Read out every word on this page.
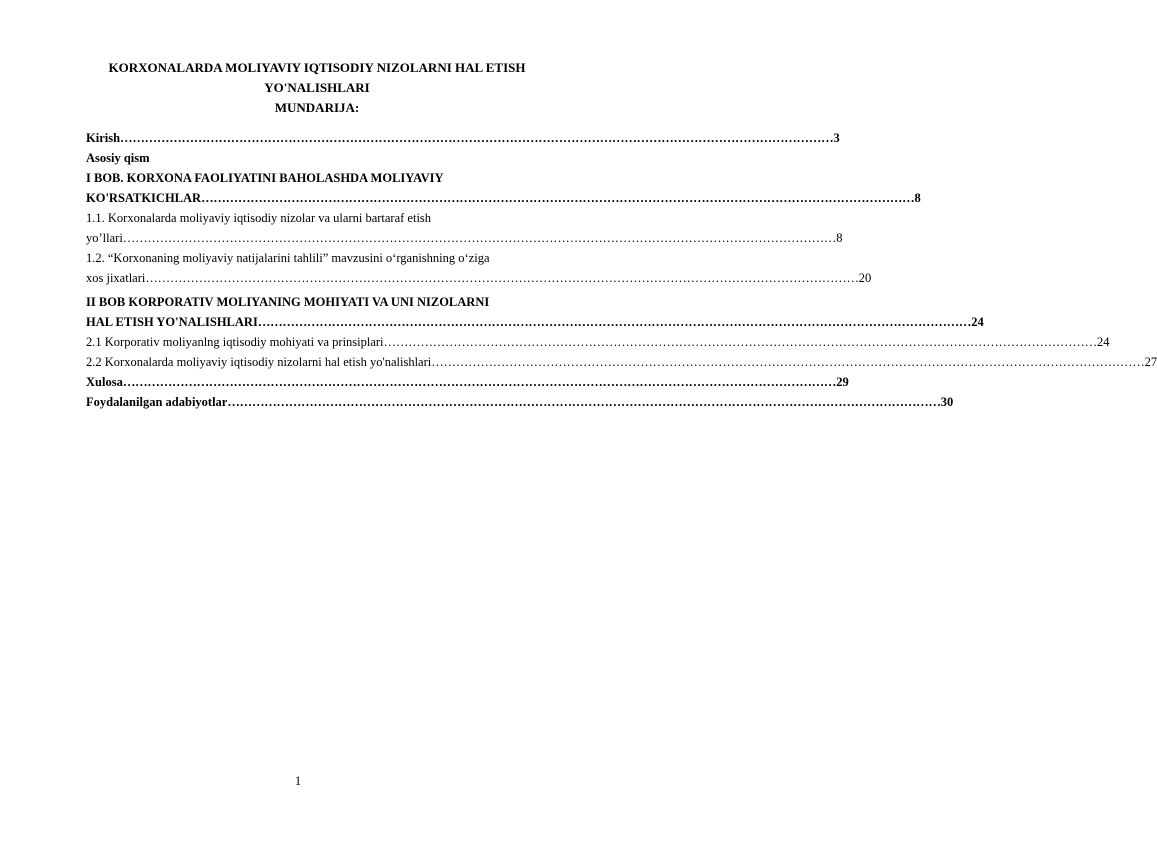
KORXONALARDA MOLIYAVIY IQTISODIY NIZOLARNI HAL ETISH YO'NALISHLARI
MUNDARIJA:
Kirish ………………………………………………………………………………………………………………………………………………………… 3
Asosiy qism
I BOB. KORXONA FAOLIYATINI BAHOLASHDA MOLIYAVIY
KO'RSATKICHLAR ………………………………………………………………………………………………………………………………………………………… 8
1.1. Korxonalarda moliyaviy iqtisodiy nizolar va ularni bartaraf etish
yo’llari ………………………………………………………………………………………………………………………………………………………… 8
1.2. “Korxonaning moliyaviy natijalarini tahlili” mavzusini o‘rganishning o‘ziga
xos jixatlari ………………………………………………………………………………………………………………………………………………………… 20
II BOB KORPORATIV MOLIYANING MOHIYATI VA UNI NIZOLARNI
HAL ETISH YO'NALISHLARI ………………………………………………………………………………………………………………………………………………………… 24
2.1 Korporativ moliyanlng iqtisodiy mohiyati va prinsiplari ………………………………………………………………………………………………………………………………………………………… 24
2.2 Korxonalarda moliyaviy iqtisodiy nizolarni hal etish yo'nalishlari ………………………………………………………………………………………………………………………………………………………… 27
Xulosa ………………………………………………………………………………………………………………………………………………………… 29
Foydalanilgan adabiyotlar ………………………………………………………………………………………………………………………………………………………… 30
1
